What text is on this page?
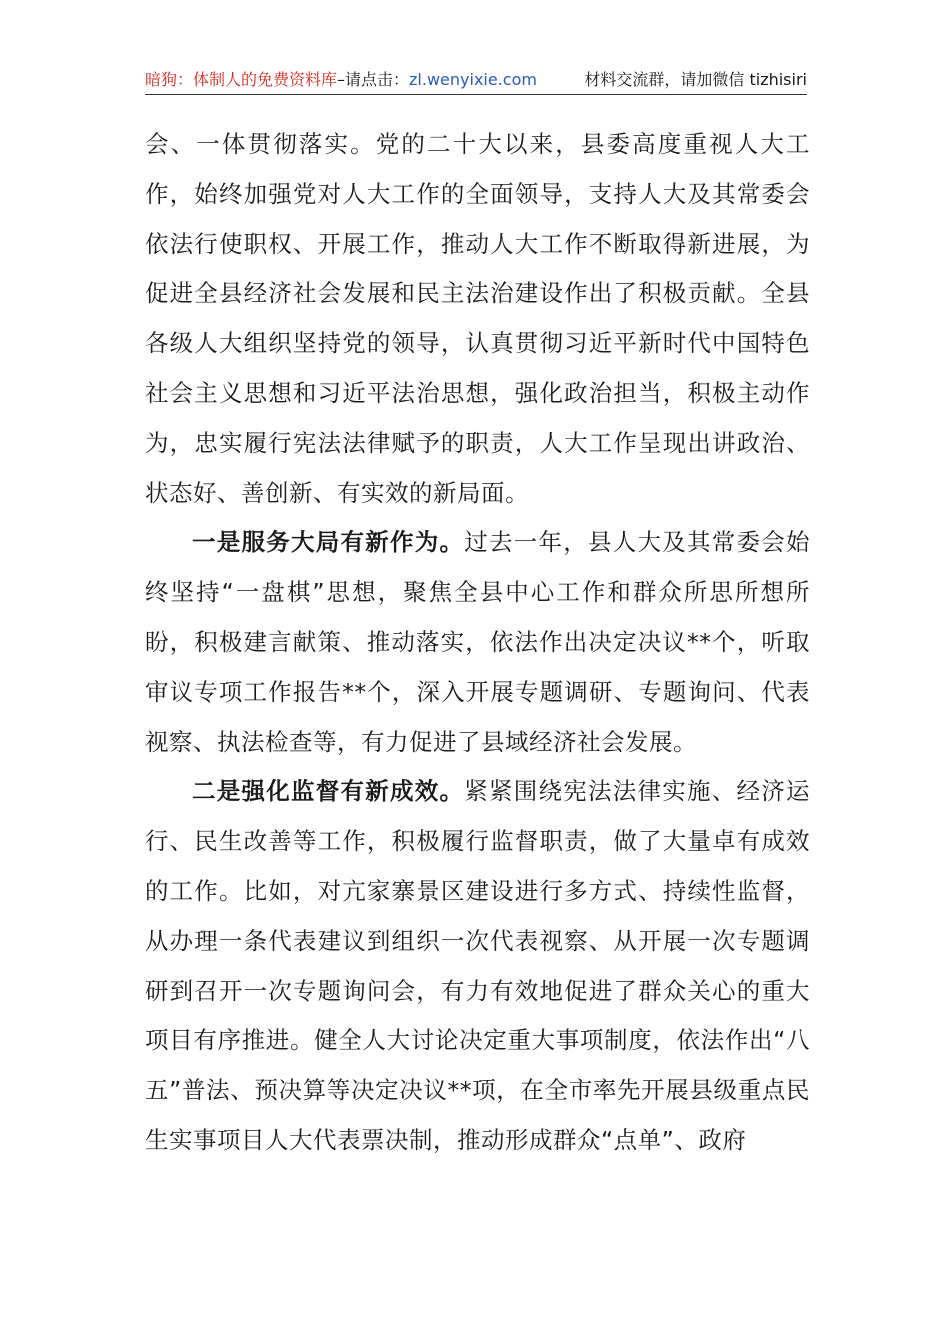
暗狗：体制人的免费资料库–请点击：zl.wenyixie.com	材料交流群，请加微信 tizhisiri

会、一体贯彻落实。党的二十大以来，县委高度重视人大工作，始终加强党对人大工作的全面领导，支持人大及其常委会依法行使职权、开展工作，推动人大工作不断取得新进展，为促进全县经济社会发展和民主法治建设作出了积极贡献。全县各级人大组织坚持党的领导，认真贯彻习近平新时代中国特色社会主义思想和习近平法治思想，强化政治担当，积极主动作为，忠实履行宪法法律赋予的职责，人大工作呈现出讲政治、状态好、善创新、有实效的新局面。

一是服务大局有新作为。过去一年，县人大及其常委会始终坚持“一盘棋”思想，聚焦全县中心工作和群众所思所想所盼，积极建言献策、推动落实，依法作出决定决议**个，听取审议专项工作报告**个，深入开展专题调研、专题询问、代表视察、执法检查等，有力促进了县域经济社会发展。

二是强化监督有新成效。紧紧围绕宪法法律实施、经济运行、民生改善等工作，积极履行监督职责，做了大量卓有成效的工作。比如，对亢家寨景区建设进行多方式、持续性监督，从办理一条代表建议到组织一次代表视察、从开展一次专题调研到召开一次专题询问会，有力有效地促进了群众关心的重大项目有序推进。健全人大讨论决定重大事项制度，依法作出“八五”普法、预决算等决定决议**项，在全市率先开展县级重点民生实事项目人大代表票决制，推动形成群众“点单”、政府
